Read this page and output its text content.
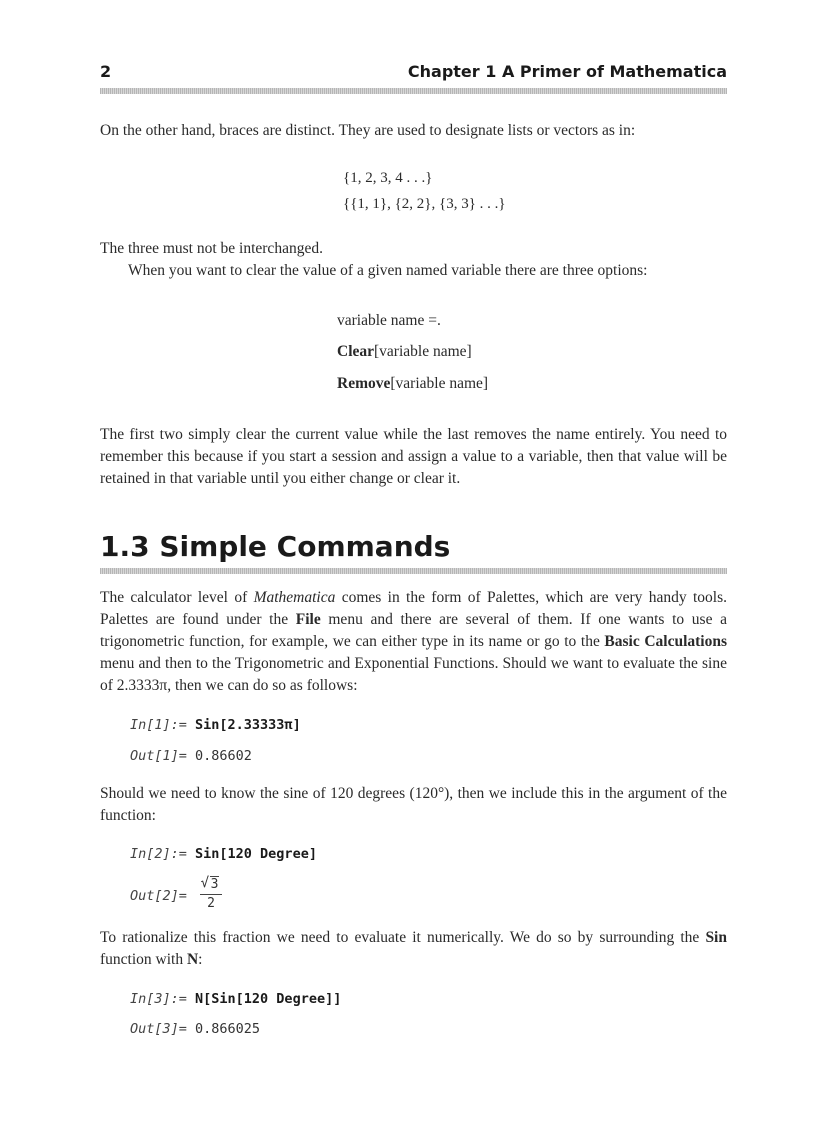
2	Chapter 1 A Primer of Mathematica

On the other hand, braces are distinct. They are used to designate lists or vectors as in:

{1, 2, 3, 4 . . .}
{{1, 1}, {2, 2}, {3, 3} . . .}

The three must not be interchanged.

When you want to clear the value of a given named variable there are three options:

variable name =.
Clear[variable name]
Remove[variable name]

The first two simply clear the current value while the last removes the name entirely. You need to remember this because if you start a session and assign a value to a variable, then that value will be retained in that variable until you either change or clear it.

1.3 Simple Commands

The calculator level of Mathematica comes in the form of Palettes, which are very handy tools. Palettes are found under the File menu and there are several of them. If one wants to use a trigonometric function, for example, we can either type in its name or go to the Basic Calculations menu and then to the Trigonometric and Exponential Functions. Should we want to evaluate the sine of 2.3333π, then we can do so as follows:

In[1]:= Sin[2.33333π]
Out[1]= 0.86602

Should we need to know the sine of 120 degrees (120°), then we include this in the argument of the function:

In[2]:= Sin[120 Degree]
$Out[2]= \frac{√ 3}{2}$

To rationalize this fraction we need to evaluate it numerically. We do so by surrounding the Sin function with N:

In[3]:= N[Sin[120 Degree]]
Out[3]= 0.866025
